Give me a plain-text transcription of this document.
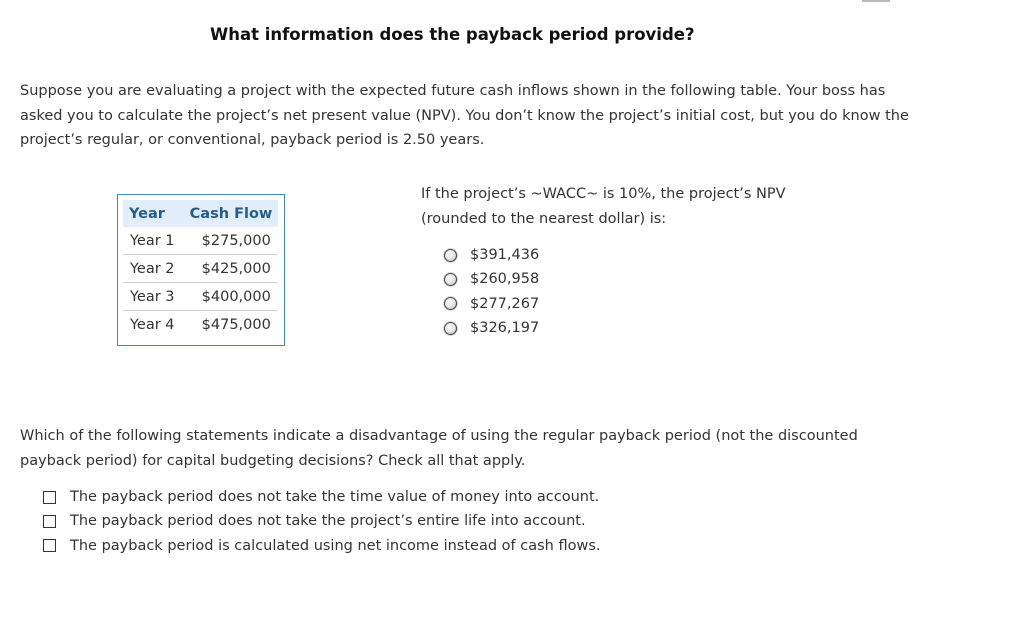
What information does the payback period provide?

Suppose you are evaluating a project with the expected future cash inflows shown in the following table. Your boss has asked you to calculate the project’s net present value (NPV). You don’t know the project’s initial cost, but you do know the project’s regular, or conventional, payback period is 2.50 years.

Year	Cash Flow
Year 1	$275,000
Year 2	$425,000
Year 3	$400,000
Year 4	$475,000
If the project’s ~WACC~ is 10%, the project’s NPV (rounded to the nearest dollar) is:
$391,436
$260,958
$277,267
$326,197
Which of the following statements indicate a disadvantage of using the regular payback period (not the discounted payback period) for capital budgeting decisions? Check all that apply.
The payback period does not take the time value of money into account.
The payback period does not take the project’s entire life into account.
The payback period is calculated using net income instead of cash flows.
